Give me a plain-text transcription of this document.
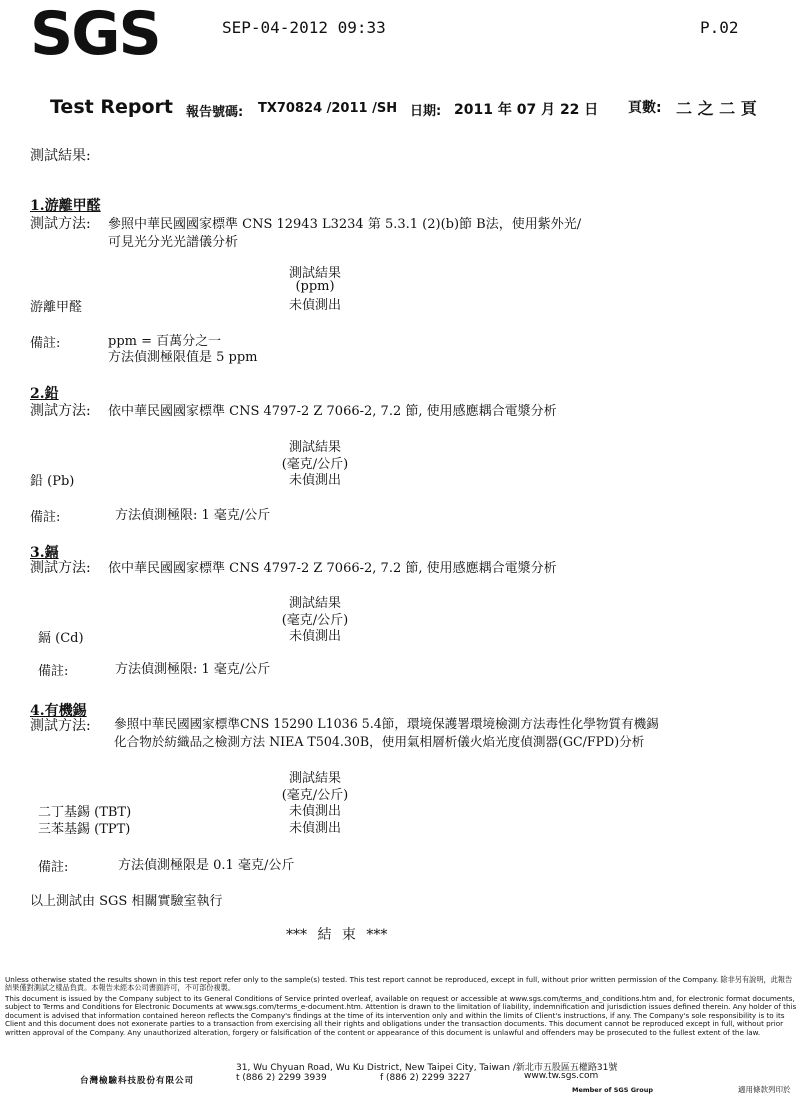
SGS	SEP-04-2012 09:33	P.02
Test Report 報告號碼: TX70824 /2011 /SH 日期: 2011 年 07 月 22 日 頁數: 二 之 二 頁
測試結果:
1.游離甲醛
測試方法: 參照中華民國國家標準 CNS 12943 L3234 第 5.3.1 (2)(b)節 B法，使用紫外光/
可見光分光光譜儀分析
測試結果
(ppm)
游離甲醛	未偵測出
備註:	ppm = 百萬分之一
方法偵測極限值是 5 ppm
2.鉛
測試方法: 依中華民國國家標準 CNS 4797-2 Z 7066-2, 7.2 節, 使用感應耦合電漿分析
測試結果
(毫克/公斤)
鉛 (Pb)	未偵測出
備註:	方法偵測極限: 1 毫克/公斤
3.鎘
測試方法: 依中華民國國家標準 CNS 4797-2 Z 7066-2, 7.2 節, 使用感應耦合電漿分析
測試結果
(毫克/公斤)
鎘 (Cd)	未偵測出
備註:	方法偵測極限: 1 毫克/公斤
4.有機錫
測試方法: 參照中華民國國家標準CNS 15290 L1036 5.4節，環境保護署環境檢測方法毒性化學物質有機錫
化合物於紡織品之檢測方法 NIEA T504.30B，使用氣相層析儀火焰光度偵測器(GC/FPD)分析
測試結果
(毫克/公斤)
二丁基錫 (TBT)	未偵測出
三苯基錫 (TPT)	未偵測出
備註:	方法偵測極限是 0.1 毫克/公斤
以上測試由 SGS 相關實驗室執行
*** 結 束 ***
Unless otherwise stated the results shown in this test report refer only to the sample(s) tested. This test report cannot be reproduced, except in full, without prior written permission of the Company. 除非另有說明，此報告結果僅對測試之樣品負責。本報告未經本公司書面許可，不可部份複製。
This document is issued by the Company subject to its General Conditions of Service printed overleaf, available on request or accessible at www.sgs.com/terms_and_conditions.htm and, for electronic format documents, subject to Terms and Conditions for Electronic Documents at www.sgs.com/terms_e-document.htm. Attention is drawn to the limitation of liability, indemnification and jurisdiction issues defined therein. Any holder of this document is advised that information contained hereon reflects the Company's findings at the time of its intervention only and within the limits of Client's instructions, if any. The Company's sole responsibility is to its Client and this document does not exonerate parties to a transaction from exercising all their rights and obligations under the transaction documents. This document cannot be reproduced except in full, without prior written approval of the Company. Any unauthorized alteration, forgery or falsification of the content or appearance of this document is unlawful and offenders may be prosecuted to the fullest extent of the law.
31, Wu Chyuan Road, Wu Ku District, New Taipei City, Taiwan /新北市五股區五權路31號
台灣檢驗科技股份有限公司	t (886 2) 2299 3939	f (886 2) 2299 3227	www.tw.sgs.com
Member of SGS Group	適用條款列印於
